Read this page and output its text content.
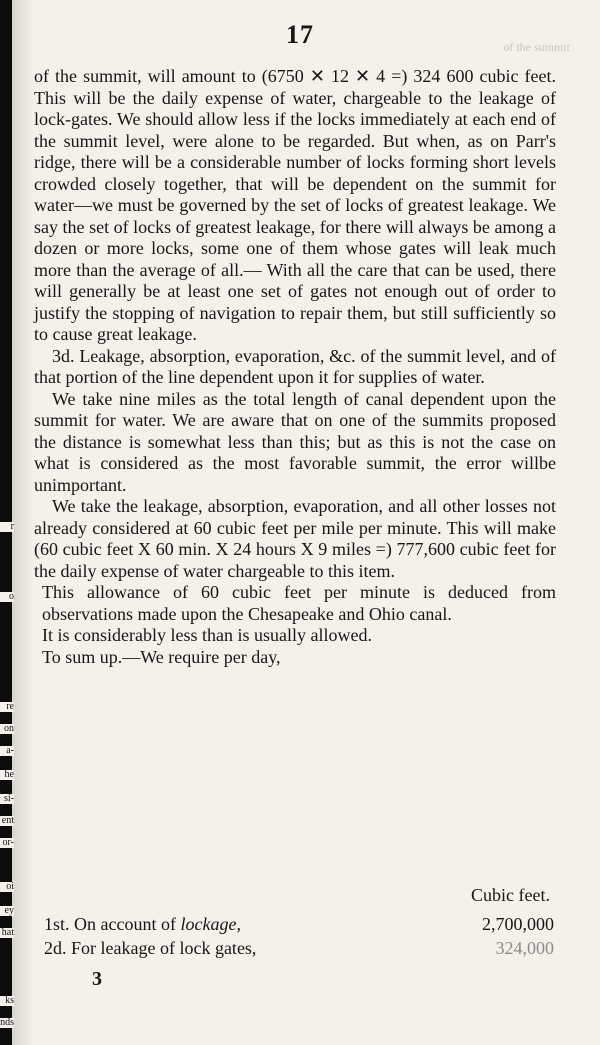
r
o
re
on
a-
he
si-
ent
or-
oi
ey
hat
ks
nds
17	of the summit

of the summit, will amount to (6750 ✕ 12 ✕ 4 =) 324 600 cubic feet. This will be the daily expense of water, chargeable to the leakage of lock-gates. We should allow less if the locks immediately at each end of the summit level, were alone to be regarded. But when, as on Parr's ridge, there will be a considerable number of locks forming short levels crowded closely together, that will be dependent on the summit for water—we must be governed by the set of locks of greatest leakage. We say the set of locks of greatest leakage, for there will always be among a dozen or more locks, some one of them whose gates will leak much more than the average of all.— With all the care that can be used, there will generally be at least one set of gates not enough out of order to justify the stopping of navigation to repair them, but still sufficiently so to cause great leakage.

3d. Leakage, absorption, evaporation, &c. of the summit level, and of that portion of the line dependent upon it for supplies of water.

We take nine miles as the total length of canal dependent upon the summit for water. We are aware that on one of the summits proposed the distance is somewhat less than this; but as this is not the case on what is considered as the most favorable summit, the error willbe unimportant.

We take the leakage, absorption, evaporation, and all other losses not already considered at 60 cubic feet per mile per minute. This will make (60 cubic feet X 60 min. X 24 hours X 9 miles =) 777,600 cubic feet for the daily expense of water chargeable to this item.

This allowance of 60 cubic feet per minute is deduced from observations made upon the Chesapeake and Ohio canal.

It is considerably less than is usually allowed.

To sum up.—We require per day,

Cubic feet.
1st. On account of lockage,	2,700,000
2d. For leakage of lock gates,	324,000
3
